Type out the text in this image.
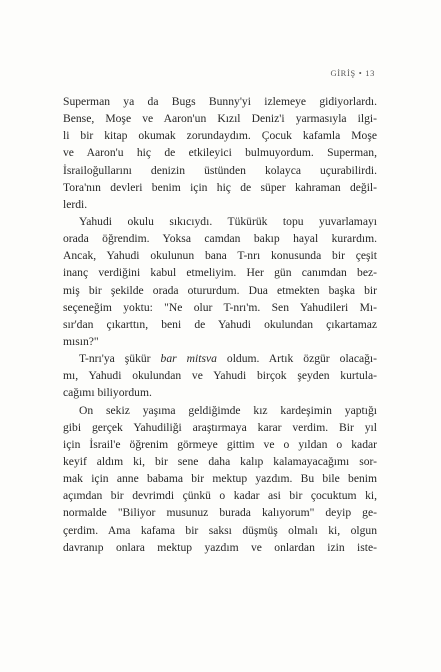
GİRİŞ • 13
Superman ya da Bugs Bunny'yi izlemeye gidiyorlardı.
Bense, Moşe ve Aaron'un Kızıl Deniz'i yarmasıyla ilgi-
li bir kitap okumak zorundaydım. Çocuk kafamla Moşe
ve Aaron'u hiç de etkileyici bulmuyordum. Superman,
İsrailoğullarını denizin üstünden kolayca uçurabilirdi.
Tora'nın devleri benim için hiç de süper kahraman değil-
lerdi.
Yahudi okulu sıkıcıydı. Tükürük topu yuvarlamayı
orada öğrendim. Yoksa camdan bakıp hayal kurardım.
Ancak, Yahudi okulunun bana T-nrı konusunda bir çeşit
inanç verdiğini kabul etmeliyim. Her gün canımdan bez-
miş bir şekilde orada otururdum. Dua etmekten başka bir
seçeneğim yoktu: "Ne olur T-nrı'm. Sen Yahudileri Mı-
sır'dan çıkarttın, beni de Yahudi okulundan çıkartamaz
mısın?"
T-nrı'ya şükür bar mitsva oldum. Artık özgür olacağı-
mı, Yahudi okulundan ve Yahudi birçok şeyden kurtula-
cağımı biliyordum.
On sekiz yaşıma geldiğimde kız kardeşimin yaptığı
gibi gerçek Yahudiliği araştırmaya karar verdim. Bir yıl
için İsrail'e öğrenim görmeye gittim ve o yıldan o kadar
keyif aldım ki, bir sene daha kalıp kalamayacağımı sor-
mak için anne babama bir mektup yazdım. Bu bile benim
açımdan bir devrimdi çünkü o kadar asi bir çocuktum ki,
normalde "Biliyor musunuz burada kalıyorum" deyip ge-
çerdim. Ama kafama bir saksı düşmüş olmalı ki, olgun
davranıp onlara mektup yazdım ve onlardan izin iste-
